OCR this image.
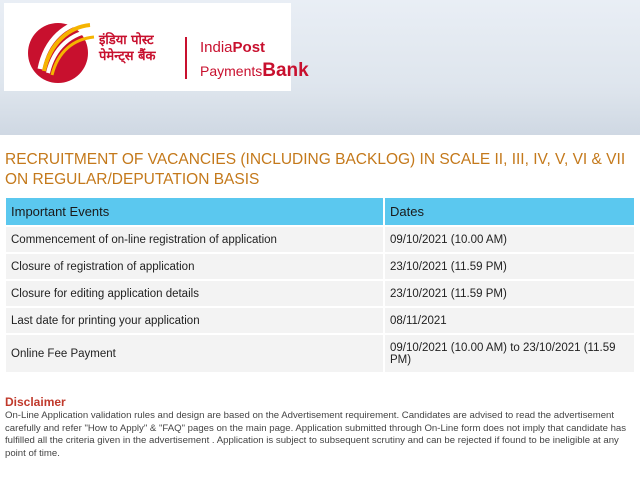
इंडिया पोस्ट
पेमेन्ट्स बैंक
IndiaPost
PaymentsBank
RECRUITMENT OF VACANCIES (INCLUDING BACKLOG) IN SCALE II, III, IV, V, VI & VII ON REGULAR/DEPUTATION BASIS
Important Events	Dates
Commencement of on-line registration of application	09/10/2021 (10.00 AM)
Closure of registration of application	23/10/2021 (11.59 PM)
Closure for editing application details	23/10/2021 (11.59 PM)
Last date for printing your application	08/11/2021
Online Fee Payment	09/10/2021 (10.00 AM) to 23/10/2021 (11.59 PM)
Disclaimer
On-Line Application validation rules and design are based on the Advertisement requirement. Candidates are advised to read the advertisement carefully and refer "How to Apply" & "FAQ" pages on the main page. Application submitted through On-Line form does not imply that candidate has fulfilled all the criteria given in the advertisement . Application is subject to subsequent scrutiny and can be rejected if found to be ineligible at any point of time.
